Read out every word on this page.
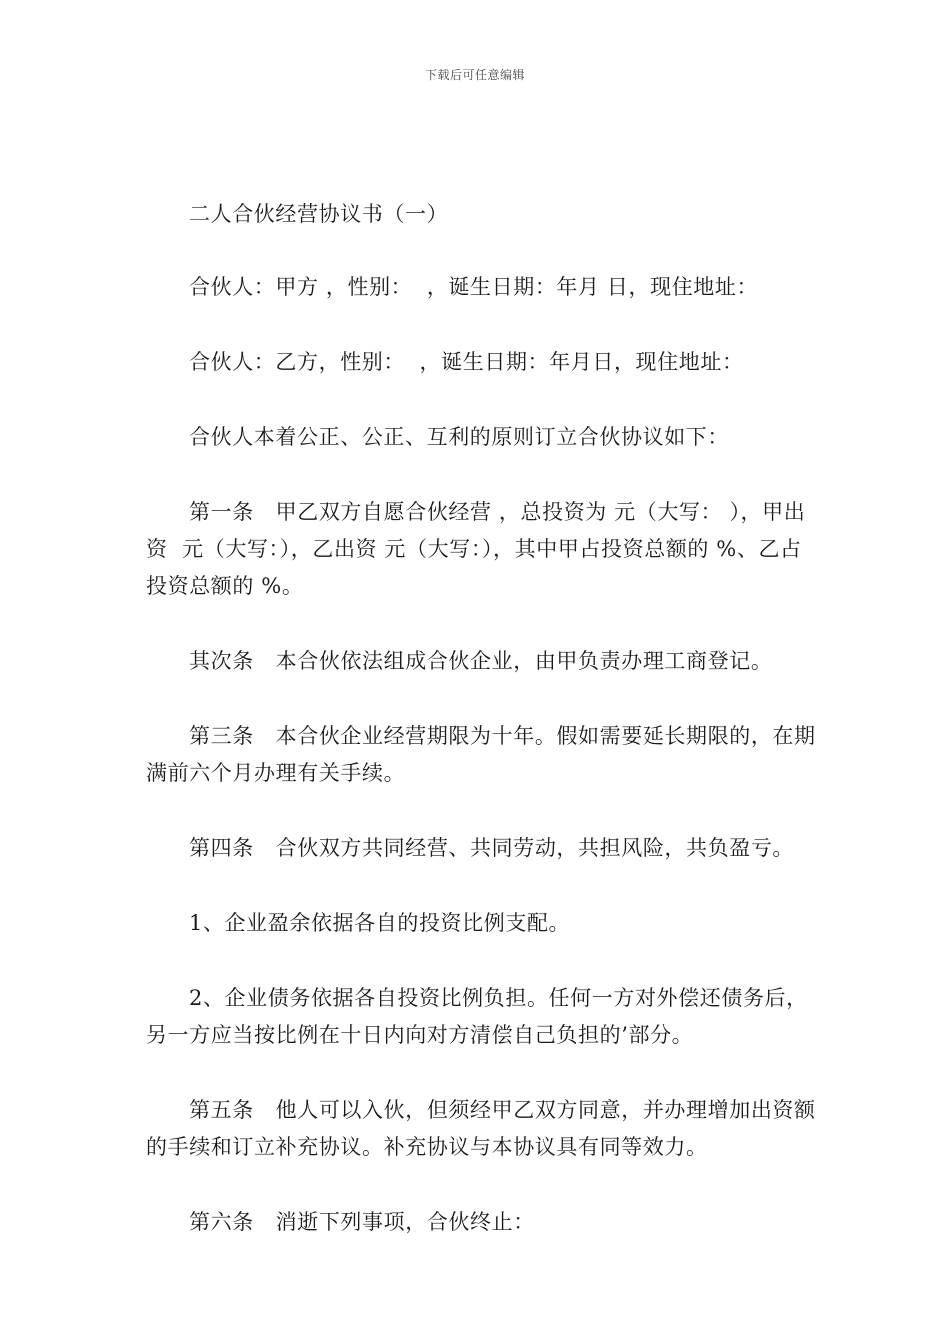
下载后可任意编辑

二人合伙经营协议书（一）

合伙人：甲方 ，性别：  ，诞生日期：年月 日，现住地址：

合伙人：乙方，性别：  ，诞生日期：年月日，现住地址：

合伙人本着公正、公正、互利的原则订立合伙协议如下：

第一条   甲乙双方自愿合伙经营 ，总投资为 元（大写： ），甲出资  元（大写：），乙出资 元（大写：），其中甲占投资总额的 %、乙占投资总额的 %。

其次条   本合伙依法组成合伙企业，由甲负责办理工商登记。

第三条   本合伙企业经营期限为十年。假如需要延长期限的，在期满前六个月办理有关手续。

第四条   合伙双方共同经营、共同劳动，共担风险，共负盈亏。

1、企业盈余依据各自的投资比例支配。

2、企业债务依据各自投资比例负担。任何一方对外偿还债务后，另一方应当按比例在十日内向对方清偿自己负担的’部分。

第五条   他人可以入伙，但须经甲乙双方同意，并办理增加出资额的手续和订立补充协议。补充协议与本协议具有同等效力。

第六条   消逝下列事项，合伙终止：
